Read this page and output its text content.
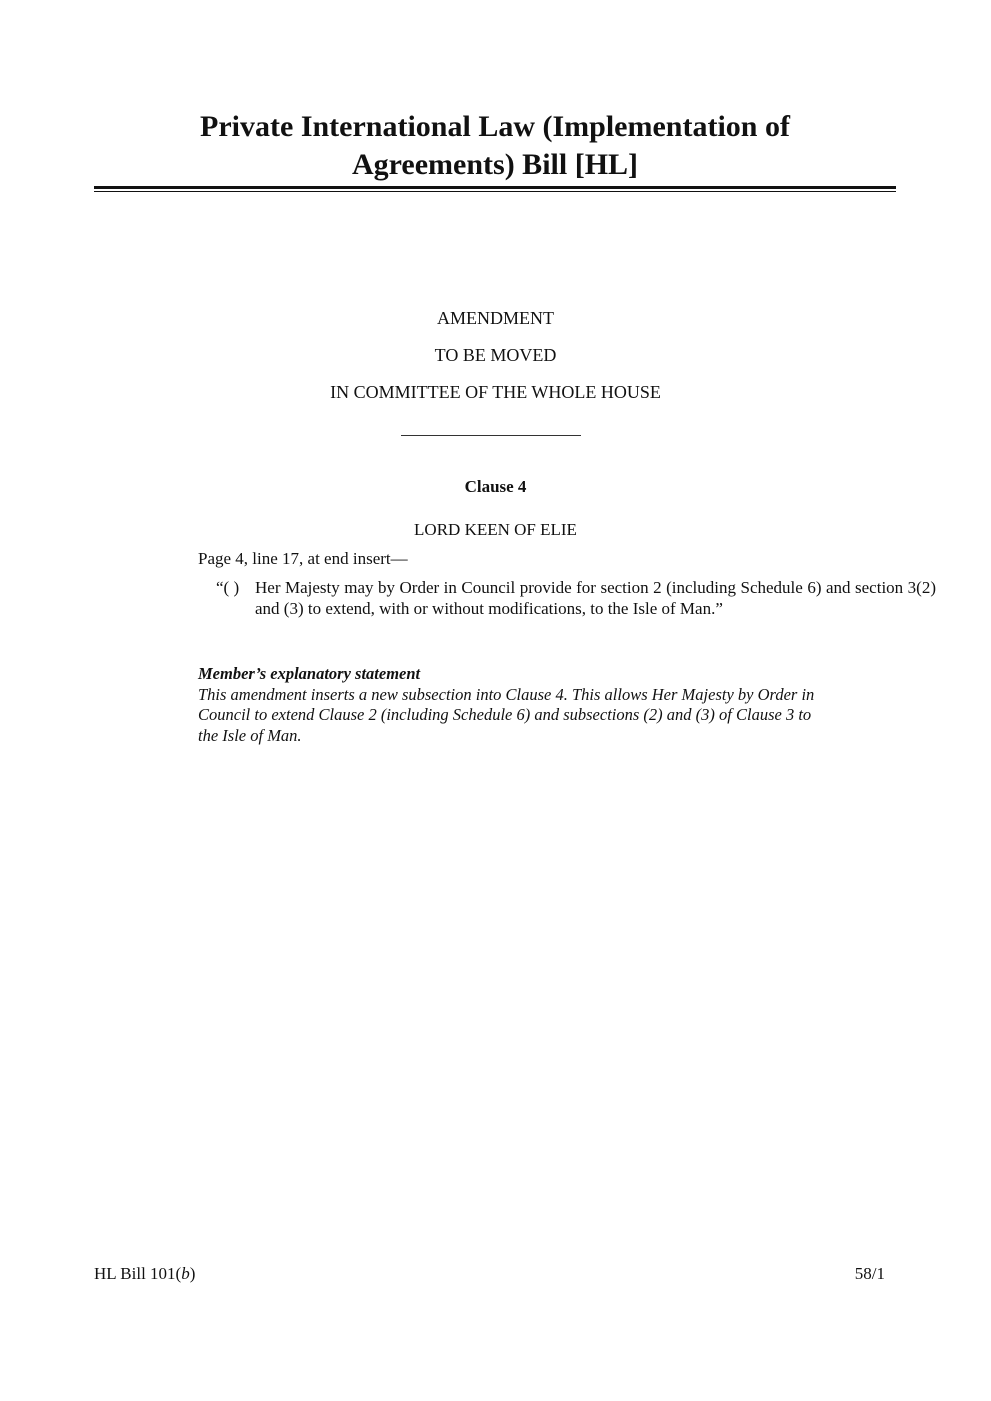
Private International Law (Implementation of
Agreements) Bill [HL]
AMENDMENT
TO BE MOVED
IN COMMITTEE OF THE WHOLE HOUSE
Clause 4
LORD KEEN OF ELIE
Page 4, line 17, at end insert—
“( ) Her Majesty may by Order in Council provide for section 2 (including Schedule 6) and section 3(2) and (3) to extend, with or without modifications, to the Isle of Man.”
Member’s explanatory statement
This amendment inserts a new subsection into Clause 4. This allows Her Majesty by Order in
Council to extend Clause 2 (including Schedule 6) and subsections (2) and (3) of Clause 3 to
the Isle of Man.
HL Bill 101(b)	58/1
